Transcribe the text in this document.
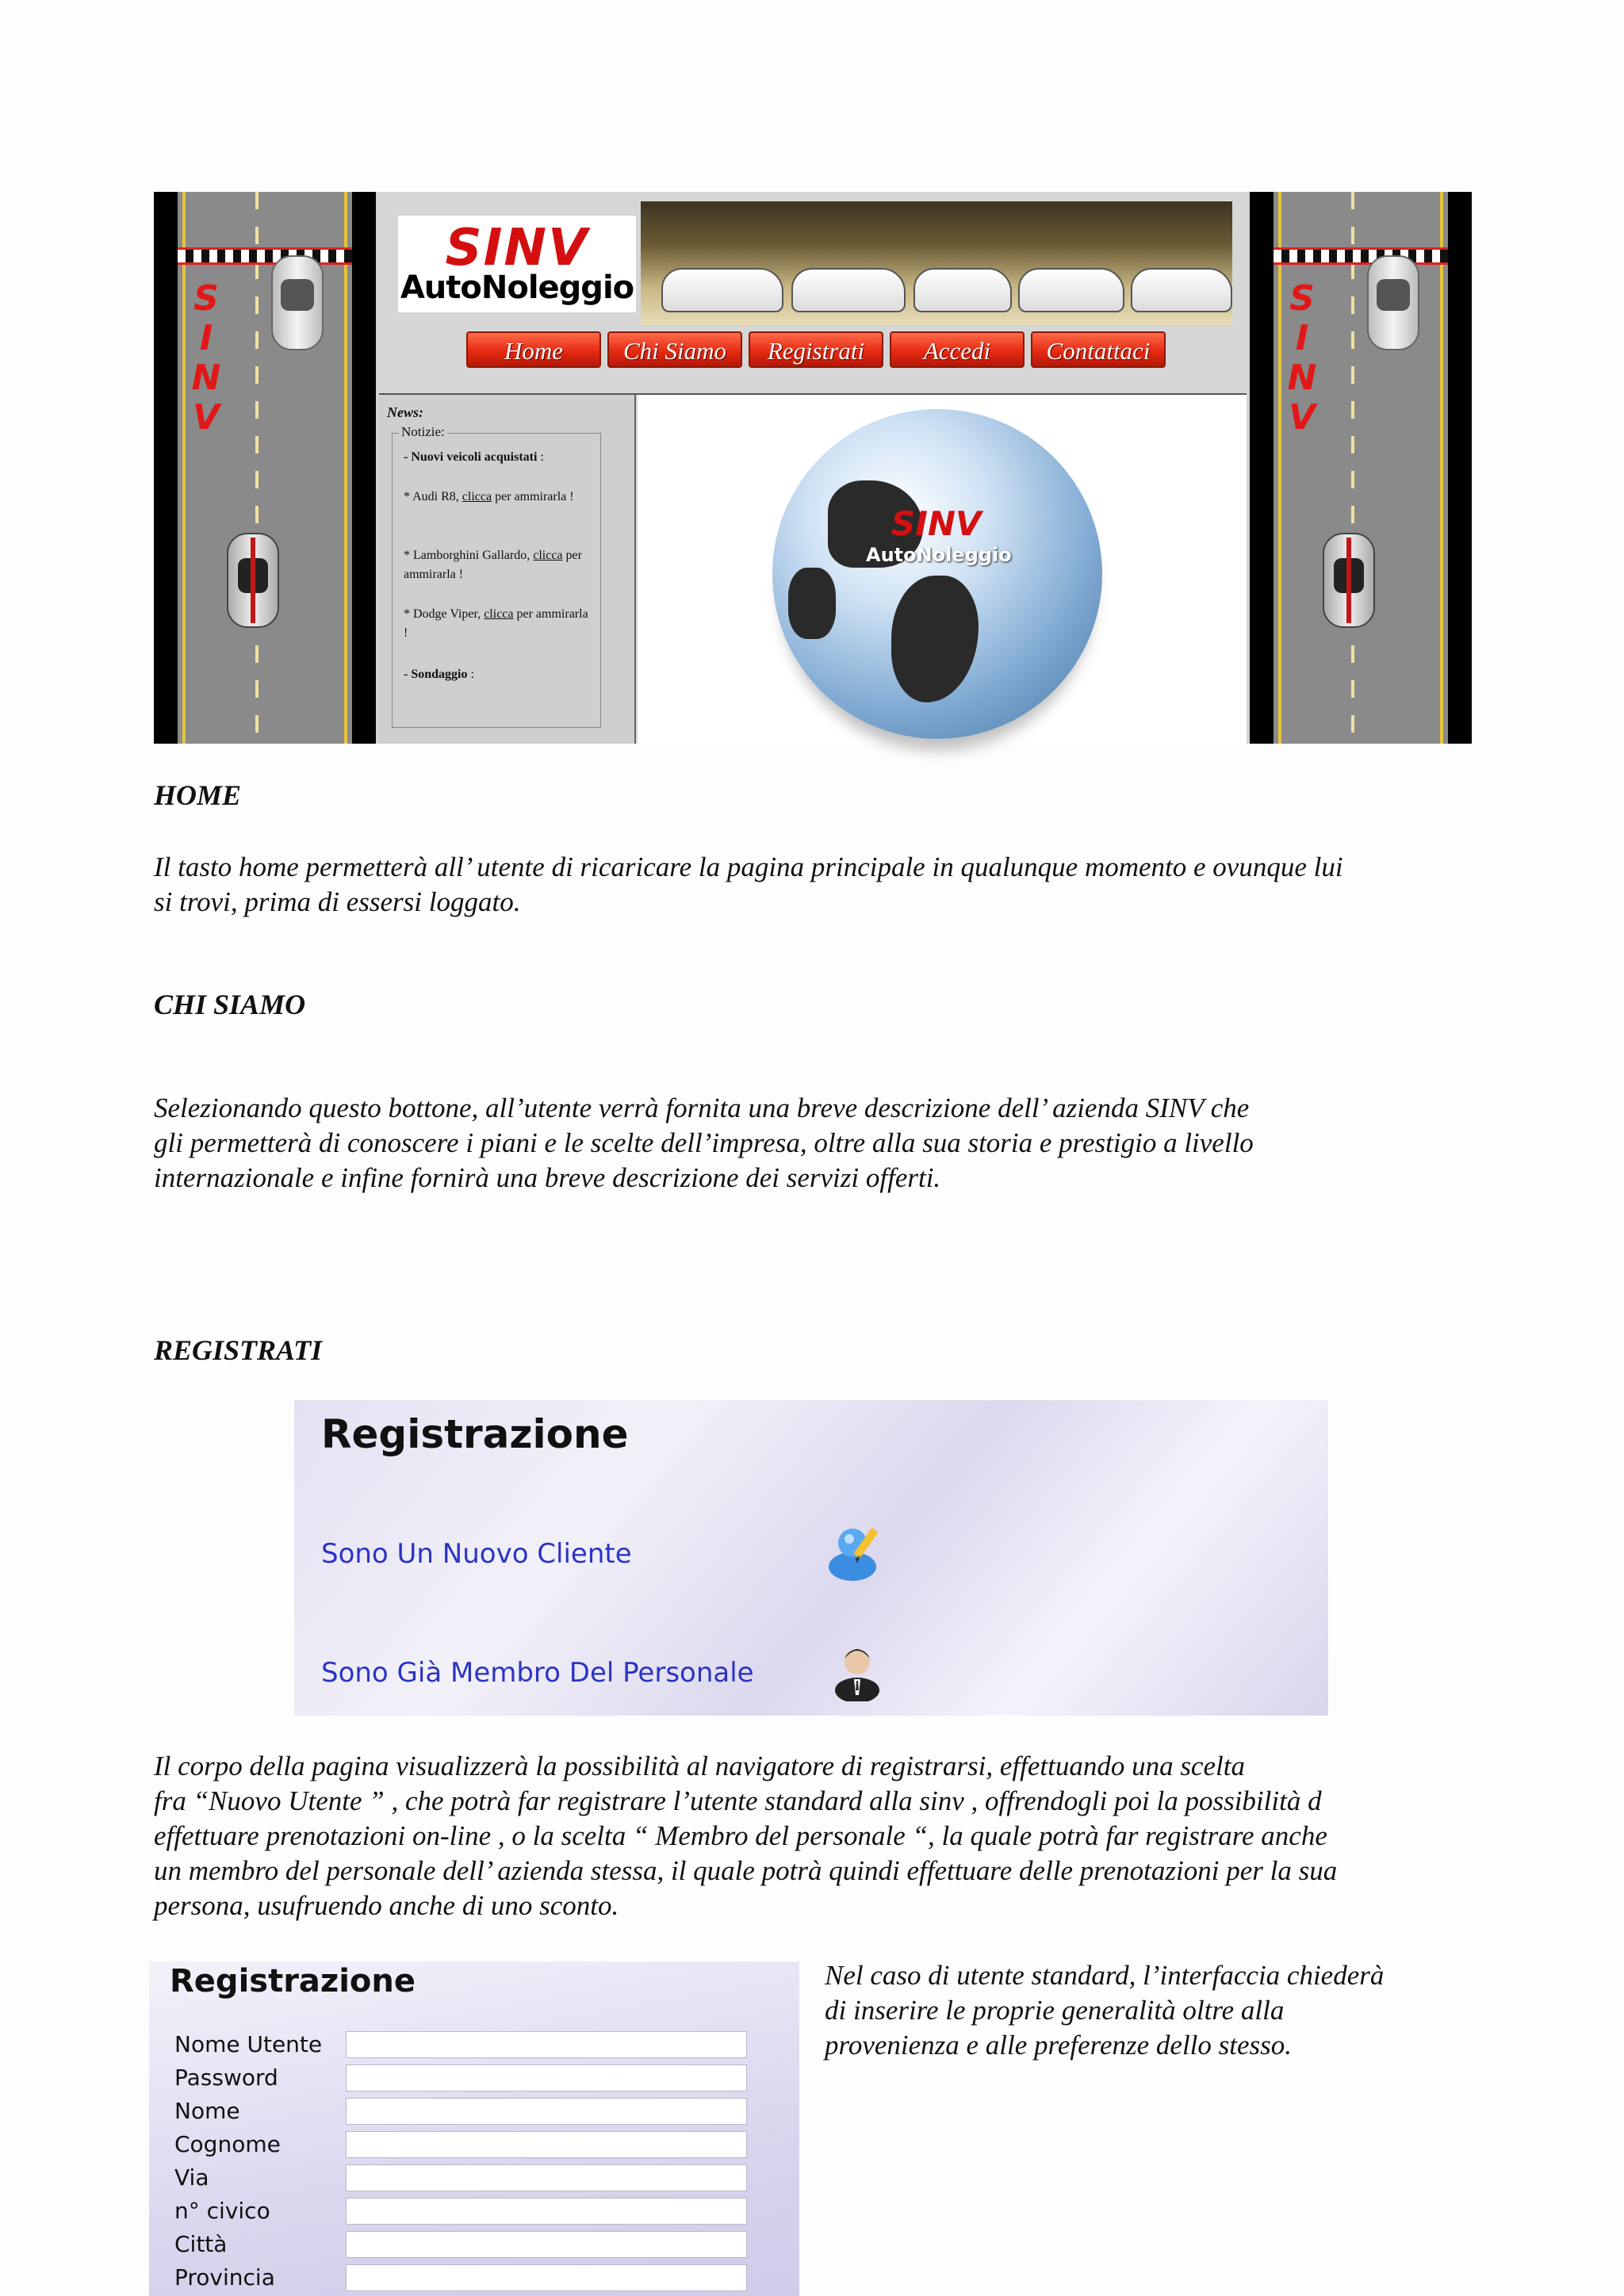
S
I
N
V
SINV
AutoNoleggio
Home	Chi Siamo	Registrati	Accedi	Contattaci
News:
Notizie:
- Nuovi veicoli acquistati :
* Audi R8, clicca per ammirarla !
* Lamborghini Gallardo, clicca per ammirarla !
* Dodge Viper, clicca per ammirarla !
- Sondaggio :
SINV
AutoNoleggio
S
I
N
V
HOME
Il tasto home permetterà all’ utente di ricaricare la pagina principale in qualunque momento e ovunque lui
si trovi, prima di essersi loggato.
CHI SIAMO
Selezionando questo bottone, all’utente verrà fornita una breve descrizione dell’ azienda SINV che
gli permetterà di conoscere i piani e le scelte dell’impresa, oltre alla sua storia e prestigio a livello
internazionale e infine fornirà una breve descrizione dei servizi offerti.
REGISTRATI
Registrazione
Sono Un Nuovo Cliente
Sono Già Membro Del Personale
Il corpo della pagina visualizzerà la possibilità al navigatore di registrarsi, effettuando una scelta
fra “Nuovo Utente ” , che potrà far registrare l’utente standard alla sinv , offrendogli poi la possibilità d
effettuare prenotazioni on-line , o la scelta “ Membro del personale “, la quale potrà far registrare anche
un membro del personale dell’ azienda stessa, il quale potrà quindi effettuare delle prenotazioni per la sua
persona, usufruendo anche di uno sconto.
Registrazione
Nome Utente
Password
Nome
Cognome
Via
n° civico
Città
Provincia
Nel caso di utente standard, l’interfaccia chiederà
di inserire le proprie generalità oltre alla
provenienza e alle preferenze dello stesso.
